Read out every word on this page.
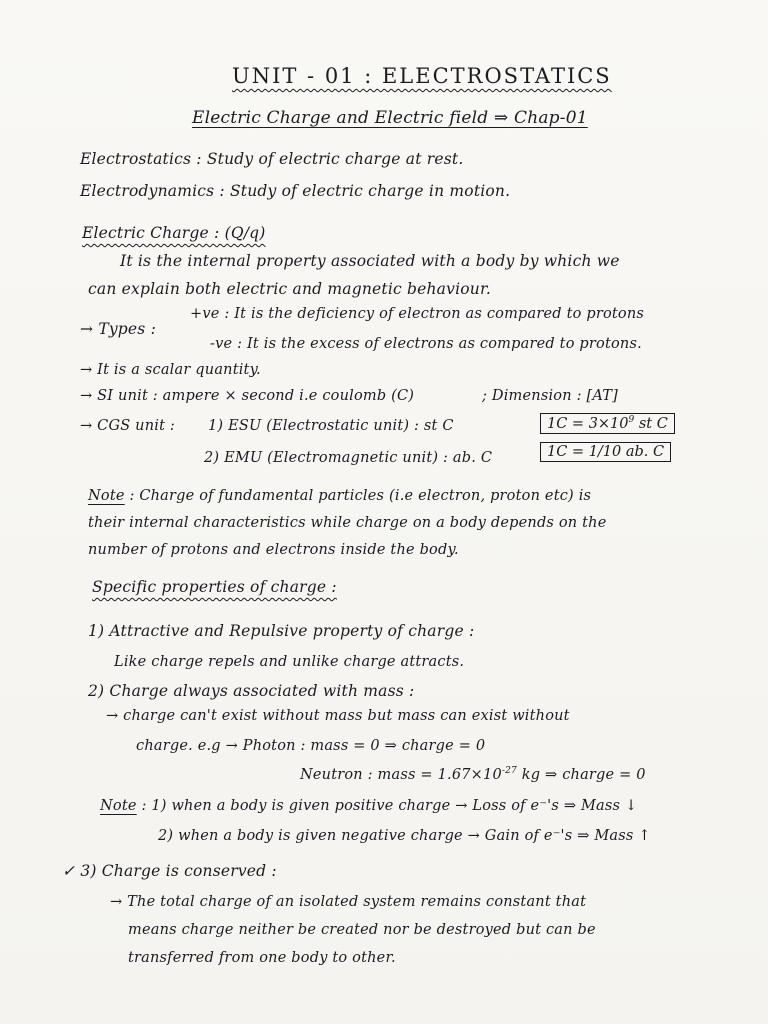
UNIT - 01 : ELECTROSTATICS
Electric Charge and Electric field ⇒ Chap-01
Electrostatics : Study of electric charge at rest.
Electrodynamics : Study of electric charge in motion.
Electric Charge : (Q/q)
It is the internal property associated with a body by which we
can explain both electric and magnetic behaviour.
→ Types :
+ve : It is the deficiency of electron as compared to protons
-ve : It is the excess of electrons as compared to protons.
→ It is a scalar quantity.
→ SI unit : ampere × second i.e coulomb (C)	; Dimension : [AT]
→ CGS unit : 1) ESU (Electrostatic unit) : st C
2) EMU (Electromagnetic unit) : ab. C
$1C = 3\times 10^9$ st C
1C = 1/10 ab. C
Note : Charge of fundamental particles (i.e electron, proton etc) is
their internal characteristics while charge on a body depends on the
number of protons and electrons inside the body.
Specific properties of charge :
1) Attractive and Repulsive property of charge :
Like charge repels and unlike charge attracts.
2) Charge always associated with mass :
→ charge can't exist without mass but mass can exist without
charge. e.g → Photon : mass = 0 ⇒ charge = 0
Neutron : mass = $1.67\times 10^{-27}$ kg ⇒ charge = 0
Note : 1) when a body is given positive charge → Loss of e⁻'s ⇒ Mass ↓
2) when a body is given negative charge → Gain of e⁻'s ⇒ Mass ↑
✓ 3) Charge is conserved :
→ The total charge of an isolated system remains constant that
means charge neither be created nor be destroyed but can be
transferred from one body to other.
